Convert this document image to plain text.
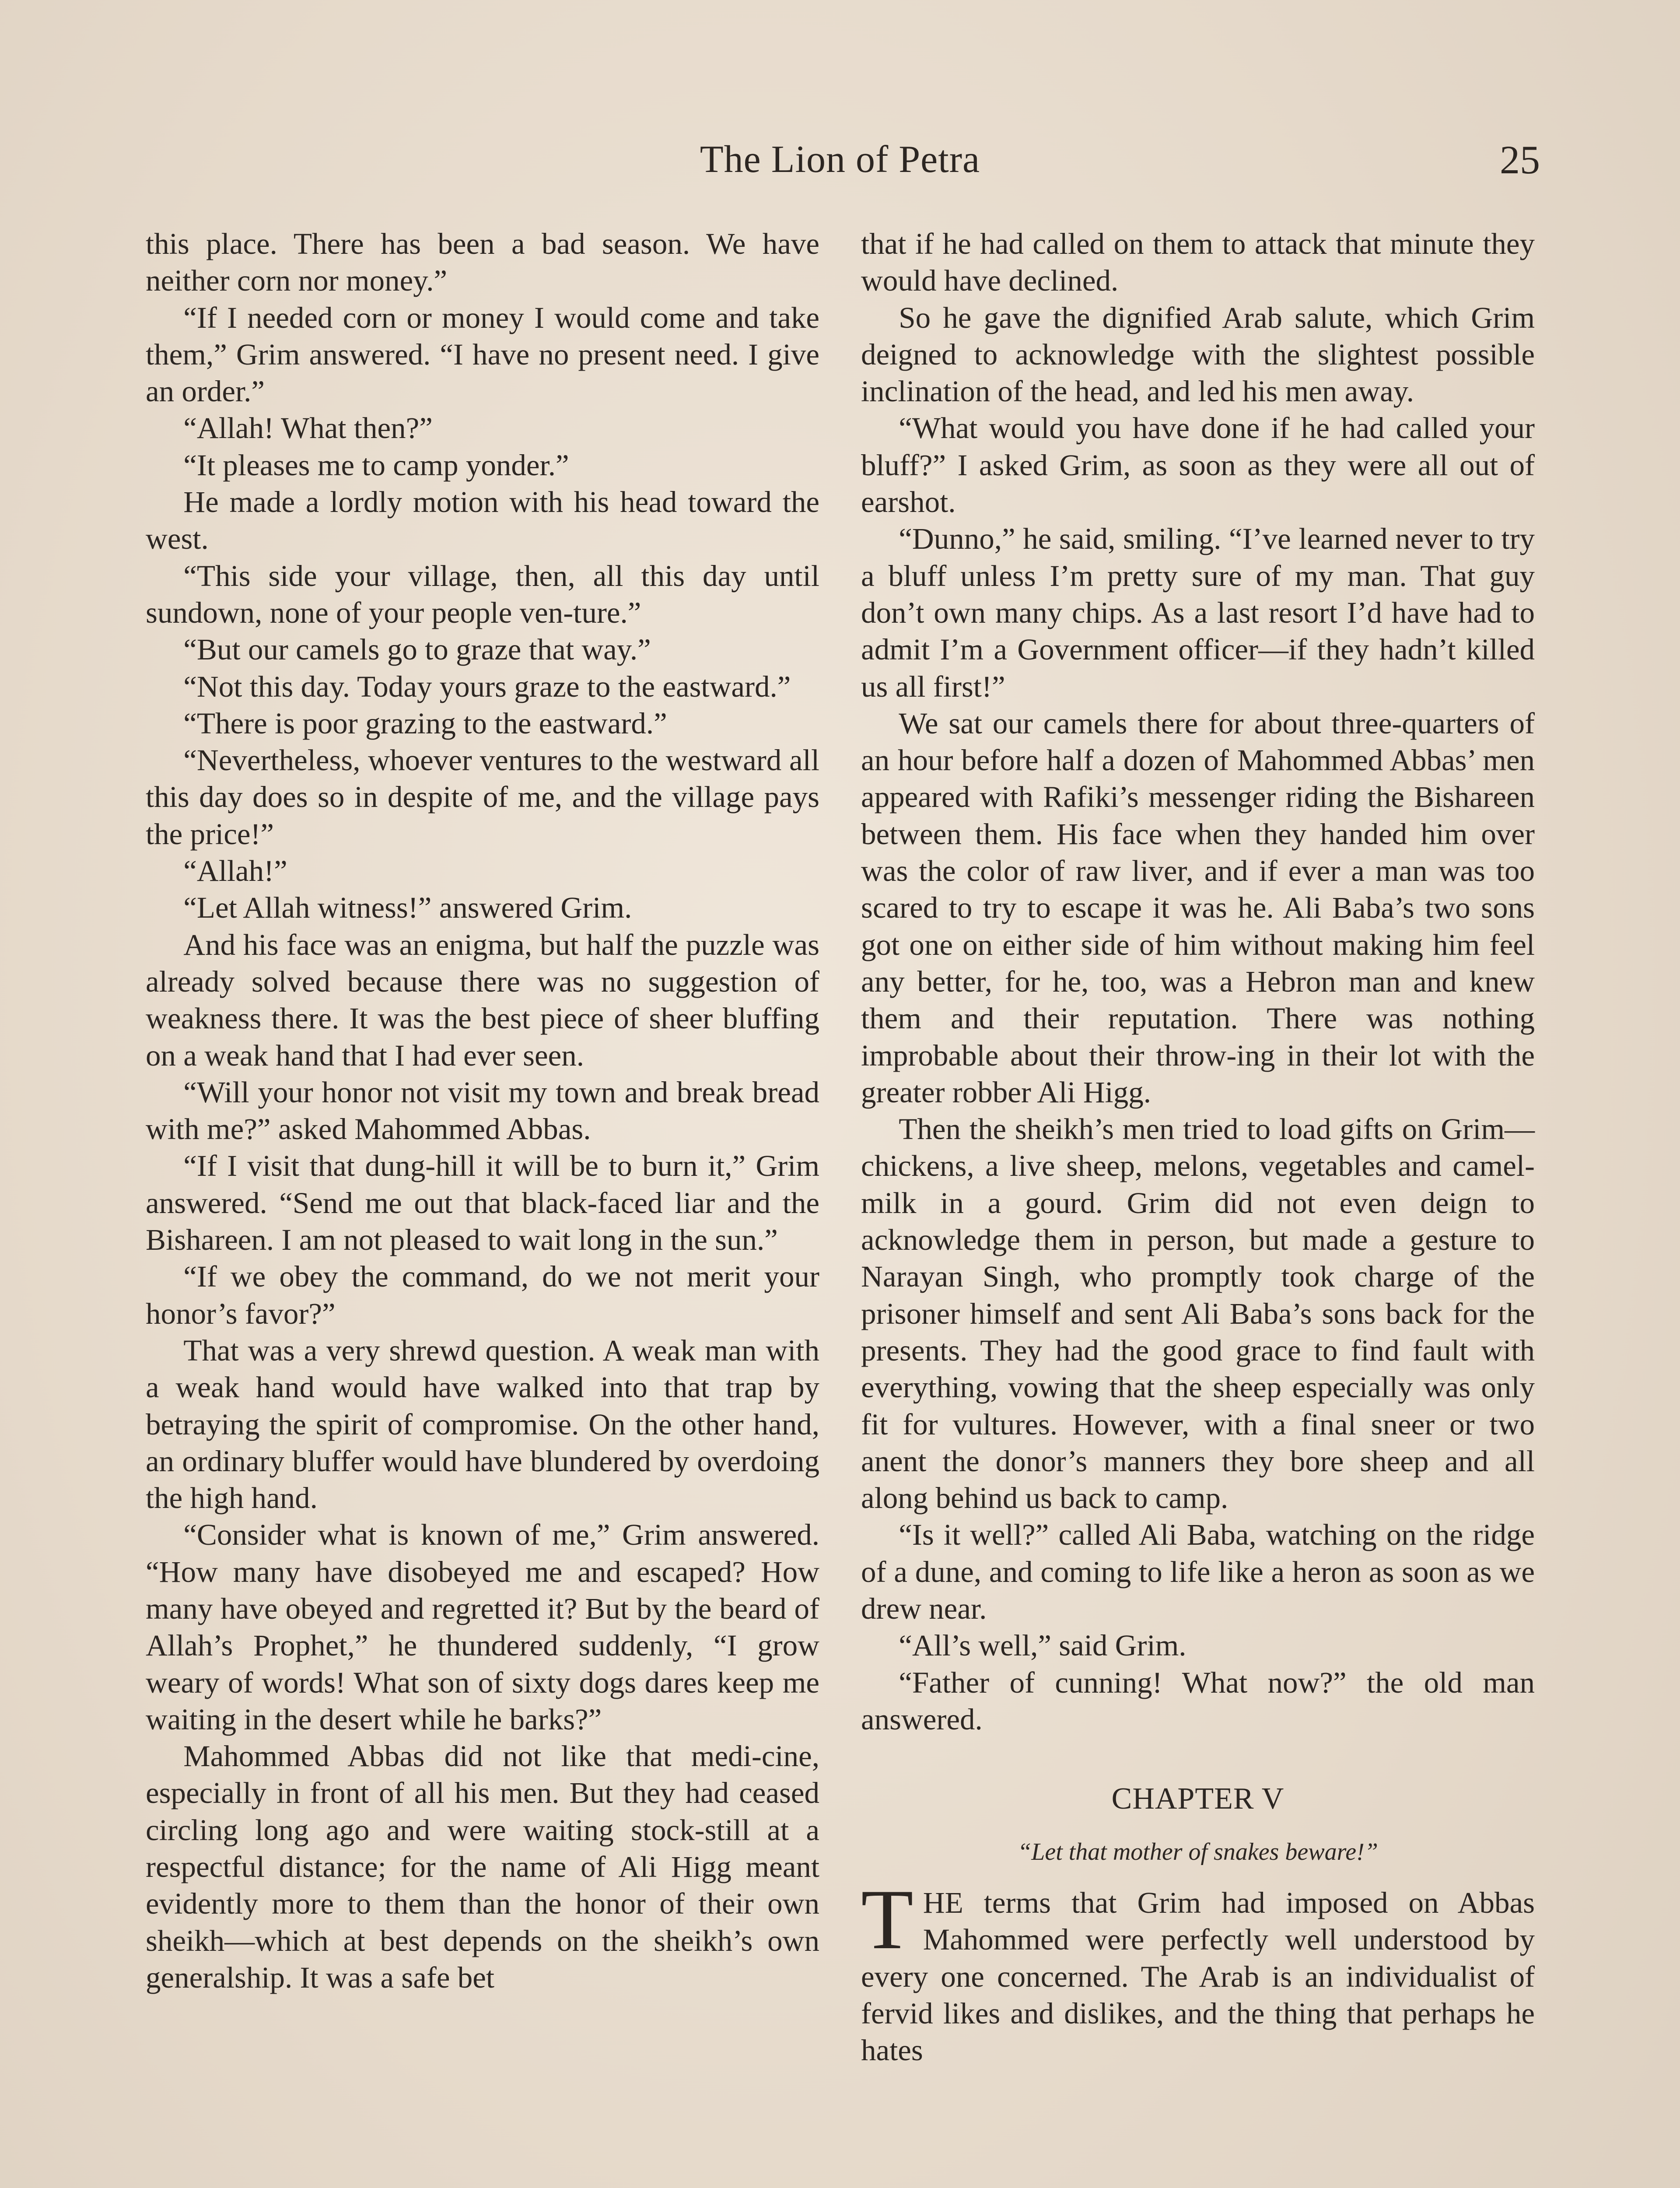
The Lion of Petra	25

this place. There has been a bad season. We have neither corn nor money.”

“If I needed corn or money I would come and take them,” Grim answered. “I have no present need. I give an order.”

“Allah! What then?”

“It pleases me to camp yonder.”

He made a lordly motion with his head toward the west.

“This side your village, then, all this day until sundown, none of your people ven-ture.”

“But our camels go to graze that way.”

“Not this day. Today yours graze to the eastward.”

“There is poor grazing to the eastward.”

“Nevertheless, whoever ventures to the westward all this day does so in despite of me, and the village pays the price!”

“Allah!”

“Let Allah witness!” answered Grim.

And his face was an enigma, but half the puzzle was already solved because there was no suggestion of weakness there. It was the best piece of sheer bluffing on a weak hand that I had ever seen.

“Will your honor not visit my town and break bread with me?” asked Mahommed Abbas.

“If I visit that dung-hill it will be to burn it,” Grim answered. “Send me out that black-faced liar and the Bishareen. I am not pleased to wait long in the sun.”

“If we obey the command, do we not merit your honor’s favor?”

That was a very shrewd question. A weak man with a weak hand would have walked into that trap by betraying the spirit of compromise. On the other hand, an ordinary bluffer would have blundered by overdoing the high hand.

“Consider what is known of me,” Grim answered. “How many have disobeyed me and escaped? How many have obeyed and regretted it? But by the beard of Allah’s Prophet,” he thundered suddenly, “I grow weary of words! What son of sixty dogs dares keep me waiting in the desert while he barks?”

Mahommed Abbas did not like that medi-cine, especially in front of all his men. But they had ceased circling long ago and were waiting stock-still at a respectful distance; for the name of Ali Higg meant evidently more to them than the honor of their own sheikh—which at best depends on the sheikh’s own generalship. It was a safe bet

that if he had called on them to attack that minute they would have declined.

So he gave the dignified Arab salute, which Grim deigned to acknowledge with the slightest possible inclination of the head, and led his men away.

“What would you have done if he had called your bluff?” I asked Grim, as soon as they were all out of earshot.

“Dunno,” he said, smiling. “I’ve learned never to try a bluff unless I’m pretty sure of my man. That guy don’t own many chips. As a last resort I’d have had to admit I’m a Government officer—if they hadn’t killed us all first!”

We sat our camels there for about three-quarters of an hour before half a dozen of Mahommed Abbas’ men appeared with Rafiki’s messenger riding the Bishareen between them. His face when they handed him over was the color of raw liver, and if ever a man was too scared to try to escape it was he. Ali Baba’s two sons got one on either side of him without making him feel any better, for he, too, was a Hebron man and knew them and their reputation. There was nothing improbable about their throw-ing in their lot with the greater robber Ali Higg.

Then the sheikh’s men tried to load gifts on Grim—chickens, a live sheep, melons, vegetables and camel-milk in a gourd. Grim did not even deign to acknowledge them in person, but made a gesture to Narayan Singh, who promptly took charge of the prisoner himself and sent Ali Baba’s sons back for the presents. They had the good grace to find fault with everything, vowing that the sheep especially was only fit for vultures. However, with a final sneer or two anent the donor’s manners they bore sheep and all along behind us back to camp.

“Is it well?” called Ali Baba, watching on the ridge of a dune, and coming to life like a heron as soon as we drew near.

“All’s well,” said Grim.

“Father of cunning! What now?” the old man answered.

CHAPTER V
“Let that mother of snakes beware!”

THE terms that Grim had imposed on Abbas Mahommed were perfectly well understood by every one concerned. The Arab is an individualist of fervid likes and dislikes, and the thing that perhaps he hates
